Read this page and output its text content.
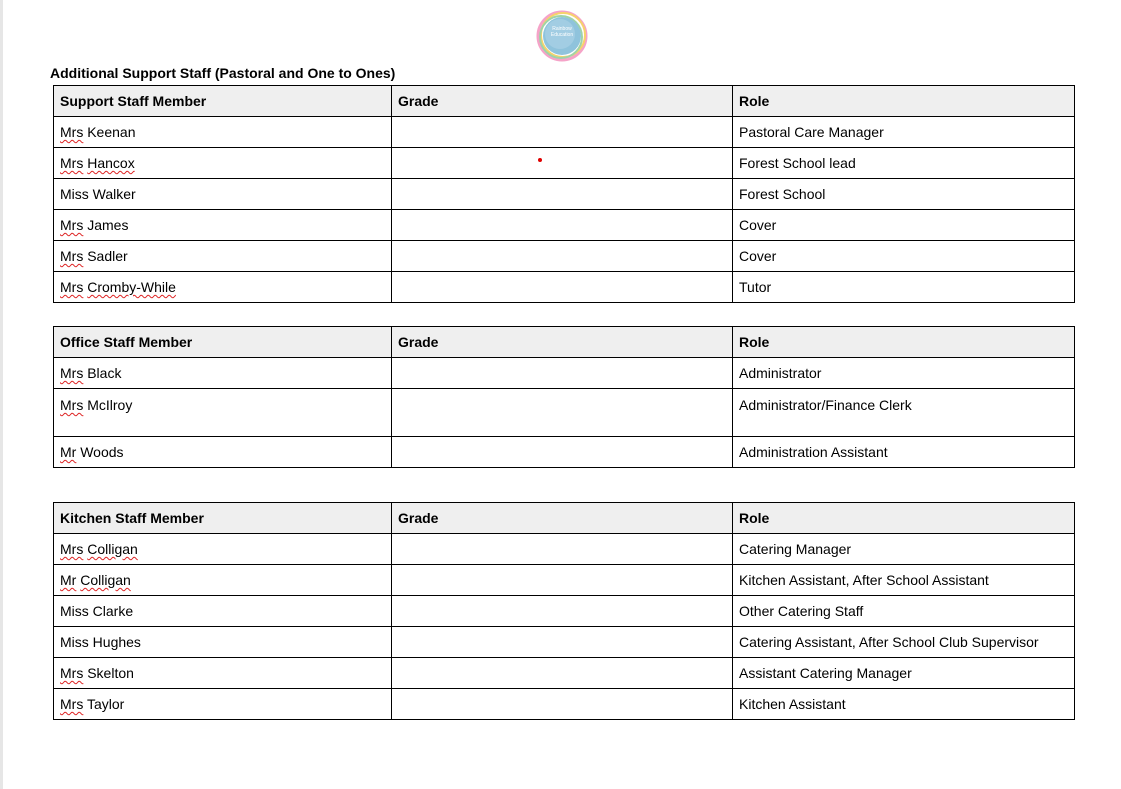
Rainbow
Education
Additional Support Staff (Pastoral and One to Ones)
Support Staff Member	Grade	Role
Mrs Keenan		Pastoral Care Manager
Mrs Hancox		Forest School lead
Miss Walker		Forest School
Mrs James		Cover
Mrs Sadler		Cover
Mrs Cromby-While		Tutor
Office Staff Member	Grade	Role
Mrs Black		Administrator
Mrs McIlroy		Administrator/Finance Clerk
Mr Woods		Administration Assistant
Kitchen Staff Member	Grade	Role
Mrs Colligan		Catering Manager
Mr Colligan		Kitchen Assistant, After School Assistant
Miss Clarke		Other Catering Staff
Miss Hughes		Catering Assistant, After School Club Supervisor
Mrs Skelton		Assistant Catering Manager
Mrs Taylor		Kitchen Assistant
